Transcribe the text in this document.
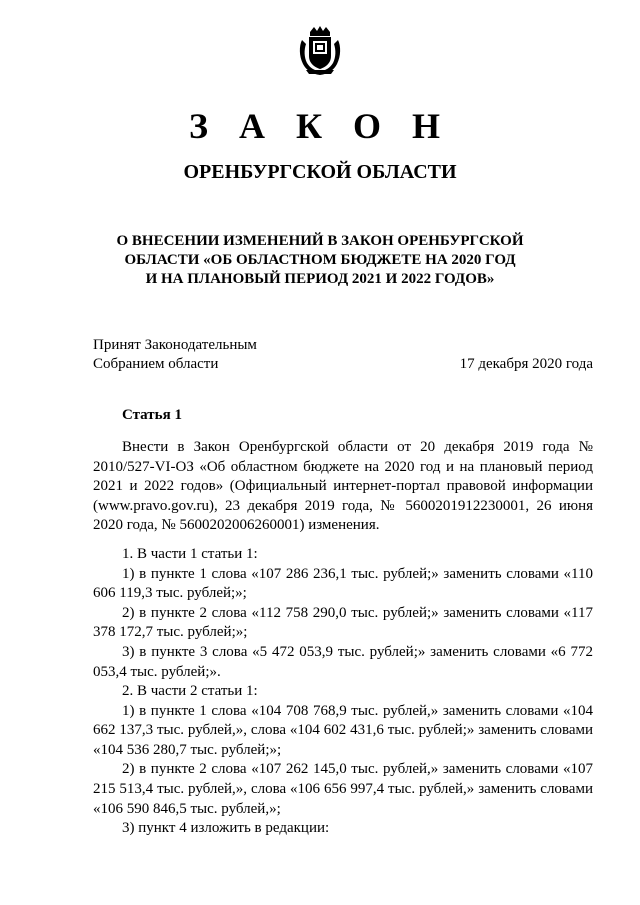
З А К О Н
ОРЕНБУРГСКОЙ ОБЛАСТИ
О ВНЕСЕНИИ ИЗМЕНЕНИЙ В ЗАКОН ОРЕНБУРГСКОЙ
ОБЛАСТИ «ОБ ОБЛАСТНОМ БЮДЖЕТЕ НА 2020 ГОД
И НА ПЛАНОВЫЙ ПЕРИОД 2021 И 2022 ГОДОВ»
Принят Законодательным
Собранием области	17 декабря 2020 года
Статья 1

Внести в Закон Оренбургской области от 20 декабря 2019 года № 2010/527-VI-ОЗ «Об областном бюджете на 2020 год и на плановый период 2021 и 2022 годов» (Официальный интернет-портал правовой информации (www.pravo.gov.ru), 23 декабря 2019 года, № 5600201912230001, 26 июня 2020 года, № 5600202006260001) изменения.

1. В части 1 статьи 1:

1) в пункте 1 слова «107 286 236,1 тыс. рублей;» заменить словами «110 606 119,3 тыс. рублей;»;

2) в пункте 2 слова «112 758 290,0 тыс. рублей;» заменить словами «117 378 172,7 тыс. рублей;»;

3) в пункте 3 слова «5 472 053,9 тыс. рублей;» заменить словами «6 772 053,4 тыс. рублей;».

2. В части 2 статьи 1:

1) в пункте 1 слова «104 708 768,9 тыс. рублей,» заменить словами «104 662 137,3 тыс. рублей,», слова «104 602 431,6 тыс. рублей;» заменить словами «104 536 280,7 тыс. рублей;»;

2) в пункте 2 слова «107 262 145,0 тыс. рублей,» заменить словами «107 215 513,4 тыс. рублей,», слова «106 656 997,4 тыс. рублей,» заменить словами «106 590 846,5 тыс. рублей,»;

3) пункт 4 изложить в редакции:
